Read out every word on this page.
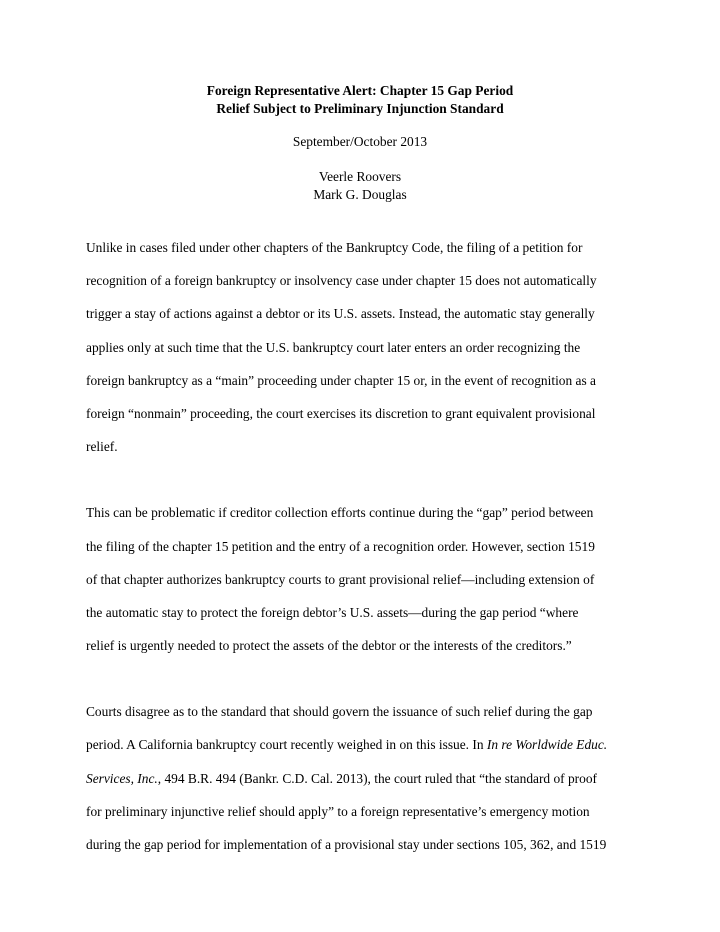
Foreign Representative Alert: Chapter 15 Gap Period
Relief Subject to Preliminary Injunction Standard
September/October 2013
Veerle Roovers
Mark G. Douglas
Unlike in cases filed under other chapters of the Bankruptcy Code, the filing of a petition for
recognition of a foreign bankruptcy or insolvency case under chapter 15 does not automatically
trigger a stay of actions against a debtor or its U.S. assets. Instead, the automatic stay generally
applies only at such time that the U.S. bankruptcy court later enters an order recognizing the
foreign bankruptcy as a “main” proceeding under chapter 15 or, in the event of recognition as a
foreign “nonmain” proceeding, the court exercises its discretion to grant equivalent provisional
relief.
This can be problematic if creditor collection efforts continue during the “gap” period between
the filing of the chapter 15 petition and the entry of a recognition order. However, section 1519
of that chapter authorizes bankruptcy courts to grant provisional relief―including extension of
the automatic stay to protect the foreign debtor’s U.S. assets―during the gap period “where
relief is urgently needed to protect the assets of the debtor or the interests of the creditors.”
Courts disagree as to the standard that should govern the issuance of such relief during the gap
period. A California bankruptcy court recently weighed in on this issue. In In re Worldwide Educ.
Services, Inc., 494 B.R. 494 (Bankr. C.D. Cal. 2013), the court ruled that “the standard of proof
for preliminary injunctive relief should apply” to a foreign representative’s emergency motion
during the gap period for implementation of a provisional stay under sections 105, 362, and 1519
